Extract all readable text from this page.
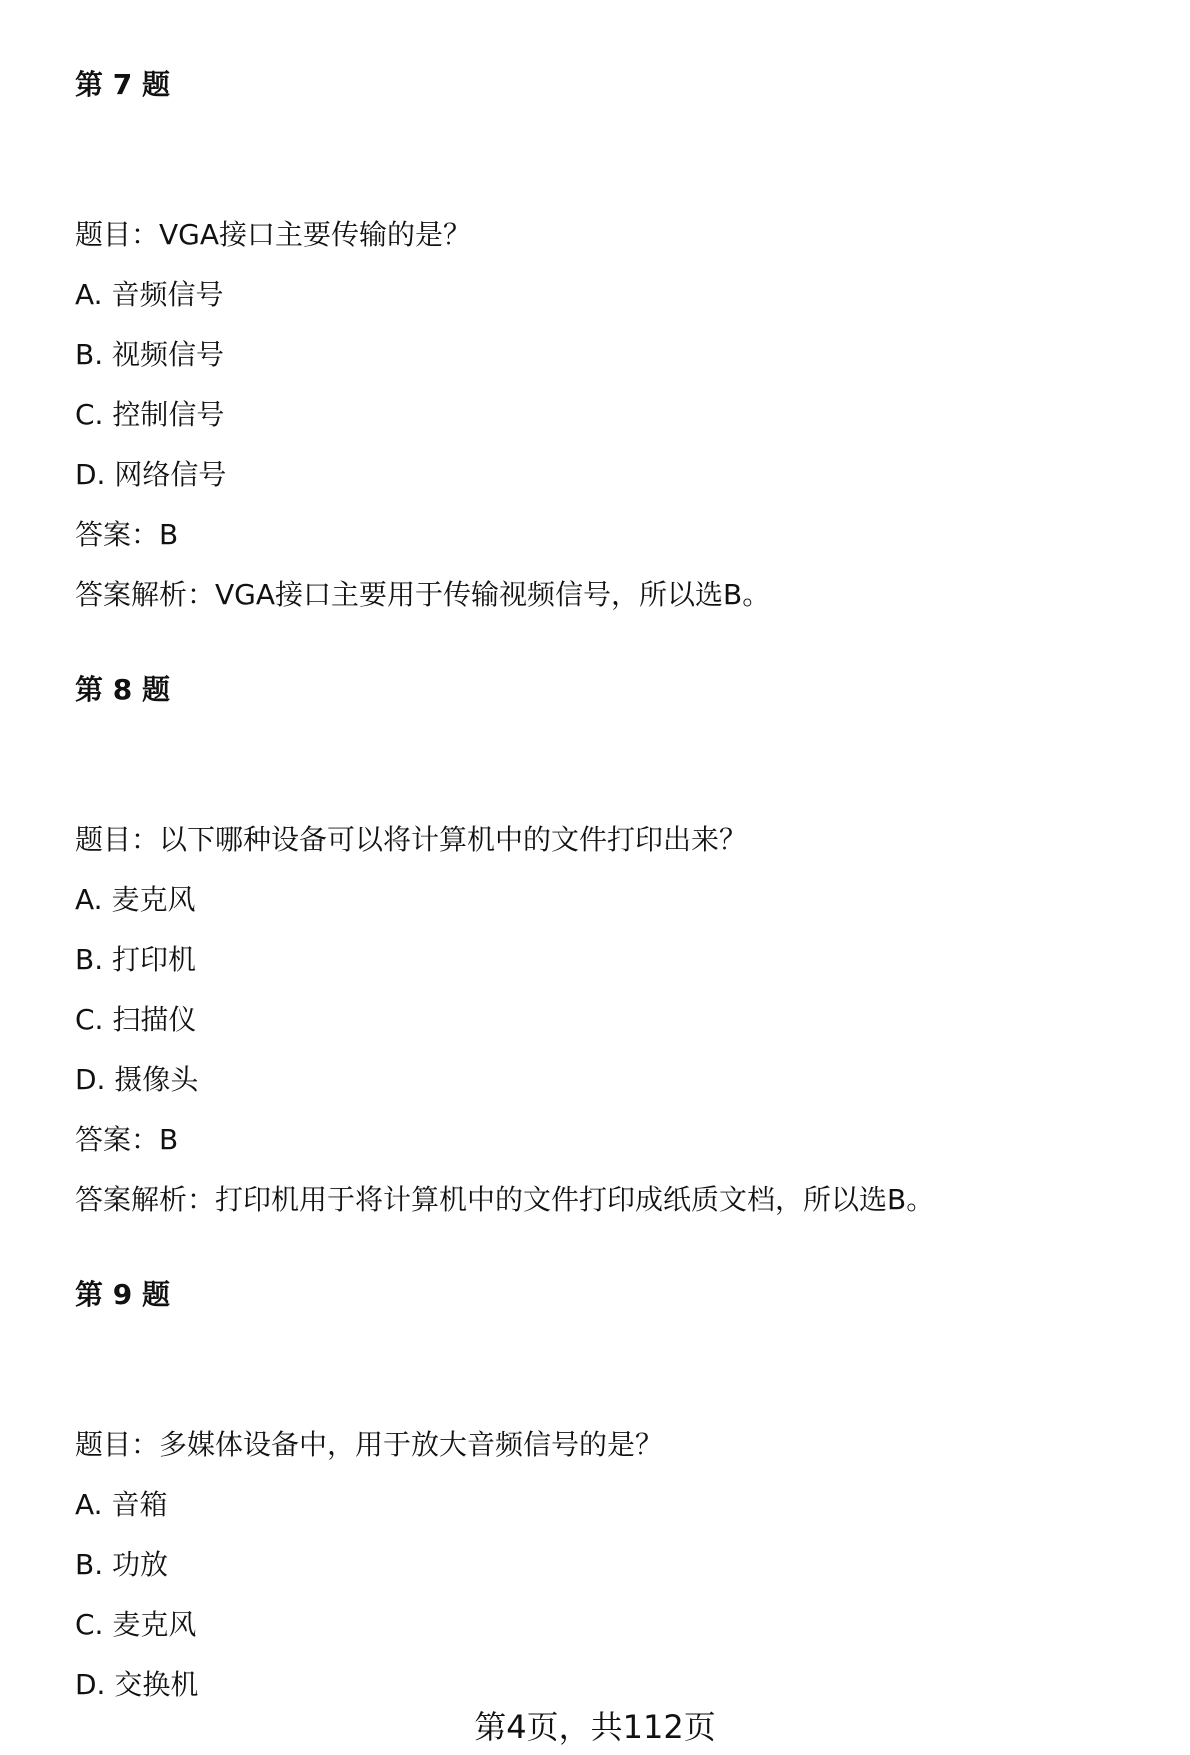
第 7 题
题目：VGA接口主要传输的是？
A. 音频信号
B. 视频信号
C. 控制信号
D. 网络信号
答案：B
答案解析：VGA接口主要用于传输视频信号，所以选B。
第 8 题
题目：以下哪种设备可以将计算机中的文件打印出来？
A. 麦克风
B. 打印机
C. 扫描仪
D. 摄像头
答案：B
答案解析：打印机用于将计算机中的文件打印成纸质文档，所以选B。
第 9 题
题目：多媒体设备中，用于放大音频信号的是？
A. 音箱
B. 功放
C. 麦克风
D. 交换机
第4页，共112页
